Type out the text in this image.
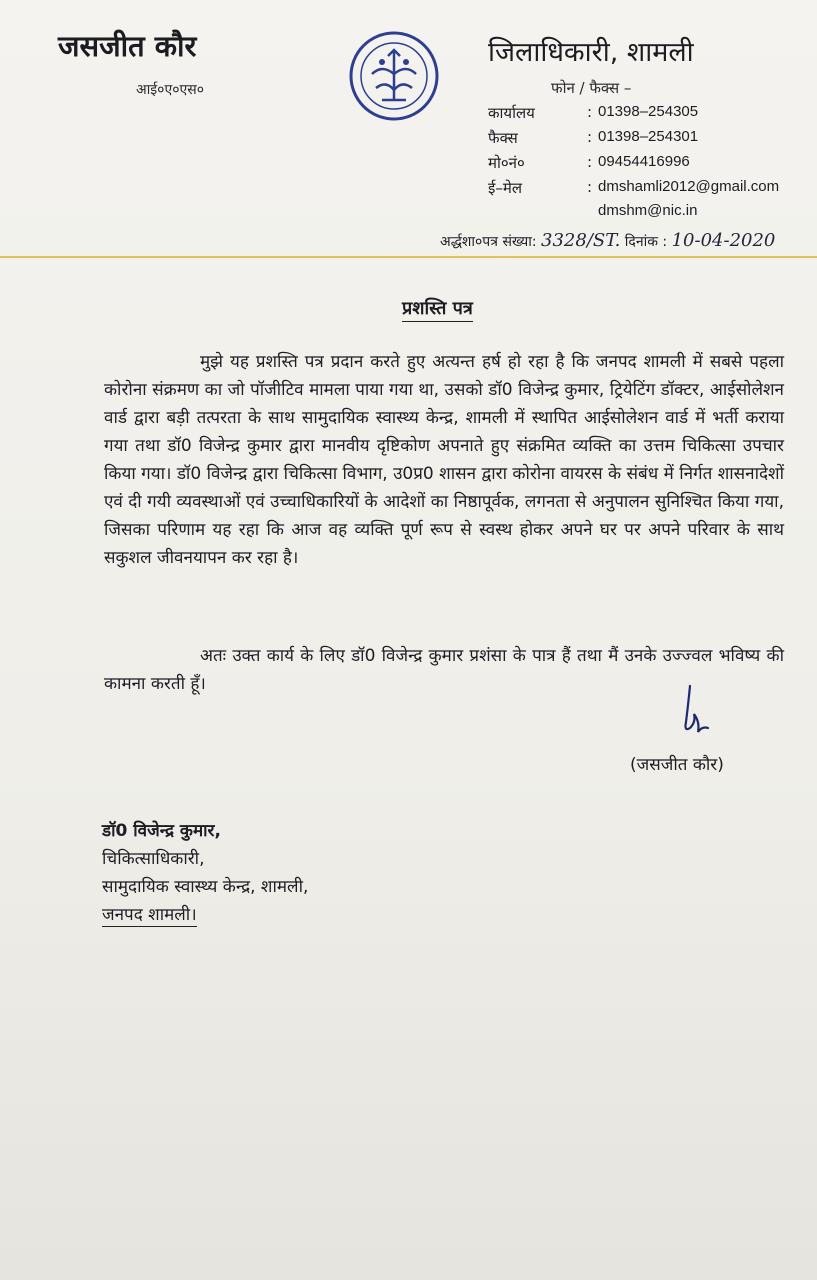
जसजीत कौर
आई०ए०एस०
जिलाधिकारी, शामली
फोन / फैक्स –
कार्यालय	: 01398–254305
फैक्स	: 01398–254301
मो०नं०	: 09454416996
ई–मेल	: dmshamli2012@gmail.com
dmshm@nic.in
अर्द्धशा०पत्र संख्या: 3328/ST. दिनांक : 10-04-2020
प्रशस्ति पत्र
मुझे यह प्रशस्ति पत्र प्रदान करते हुए अत्यन्त हर्ष हो रहा है कि जनपद शामली में सबसे पहला कोरोना संक्रमण का जो पॉजीटिव मामला पाया गया था, उसको डॉ0 विजेन्द्र कुमार, ट्रियेटिंग डॉक्टर, आईसोलेशन वार्ड द्वारा बड़ी तत्परता के साथ सामुदायिक स्वास्थ्य केन्द्र, शामली में स्थापित आईसोलेशन वार्ड में भर्ती कराया गया तथा डॉ0 विजेन्द्र कुमार द्वारा मानवीय दृष्टिकोण अपनाते हुए संक्रमित व्यक्ति का उत्तम चिकित्सा उपचार किया गया। डॉ0 विजेन्द्र द्वारा चिकित्सा विभाग, उ0प्र0 शासन द्वारा कोरोना वायरस के संबंध में निर्गत शासनादेशों एवं दी गयी व्यवस्थाओं एवं उच्चाधिकारियों के आदेशों का निष्ठापूर्वक, लगनता से अनुपालन सुनिश्चित किया गया, जिसका परिणाम यह रहा कि आज वह व्यक्ति पूर्ण रूप से स्वस्थ होकर अपने घर पर अपने परिवार के साथ सकुशल जीवनयापन कर रहा है।
अतः उक्त कार्य के लिए डॉ0 विजेन्द्र कुमार प्रशंसा के पात्र हैं तथा मैं उनके उज्ज्वल भविष्य की कामना करती हूँ।
(जसजीत कौर)
डॉ0 विजेन्द्र कुमार,
चिकित्साधिकारी,
सामुदायिक स्वास्थ्य केन्द्र, शामली,
जनपद शामली।
